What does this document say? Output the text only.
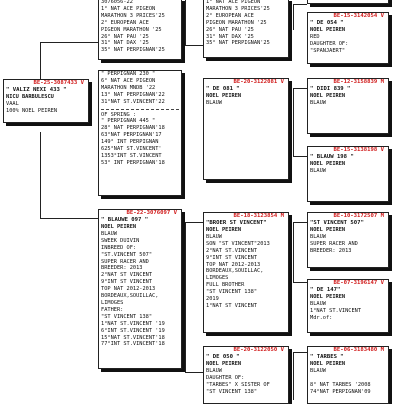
3076056-22
1° NAT ACE PIGEON
MARATHON 3 PRICES'25
2° EUROPEAN ACE
PIGEON MARATHON '25
26° NAT PAU '25
31° NAT DAX '25
35° NAT PERPIGNAN'25
" PERPIGNAN 230 "
6° NAT ACE PIGEON
MARATHON MNDB '22
13° NAT PERPIGNAN'22
31°NAT ST.VINCENT'22
OF SPRING :
" PERPIGNAN 445 "
28° NAT PERPIGNAN'18
63°NAT PERPIGNAN'17
149° INT PERPIGNAN
625°NAT ST.VINCENT'
1353°INT ST.VINCENT
53° INT PERPIGNAN'18
BE-25-3087433 V
" VALIZ NEXI 433 "
NICU BARBULESCU
VAAL
100% NOEL PEIREN
BE-22-3076097 V
" BLAUWE 097 "
NOEL PEIREN
BLAUW
SWEEK DUIVIN
INBREED OF:
"ST.VINCENT 507"
SUPER RACER AND
BREEDER: 2013
2°NAT ST VINCENT
9°INT ST VINCENT
TOP NAT 2012-2013
BORDEAUX,SOUILLAC,
LIMOGES
FATHER:
"ST VINCENT 138"
1°NAT ST.VINCENT '19
6°INT ST.VINCENT '19
15°NAT ST.VINCENT'18
77°INT ST.VINCENT'18
1° NAT ACE PIGEON
MARATHON 3 PRICES'25
2° EUROPEAN ACE
PIGEON MARATHON '25
26° NAT PAU '25
31° NAT DAX '25
35° NAT PERPIGNAN'25
BE-20-3122081 V
" DE 081 "
NOEL PEIREN
BLAUW
BE-18-3123854 M
"BROER ST VINCENT"
NOEL PEIREN
BLAUW
SON "ST VINCENT"2013
2°NAT ST.VINCENT
9°INT ST VINCENT
TOP NAT 2012-2013
BORDEAUX,SOUILLAC,
LIMOGES
FULL BROTHER
"ST VINCENT 138"
2019
1°NAT ST VINCENT
BE-20-3122050 V
" DE 050 "
NOEL PEIREN
BLAUW
DAUGHTER OF:
"TARBES" X SISTER OF
"ST VINCENT 138"
BE-15-3142054 V
" DE 054 "
NOEL PEIREN
RED
DAUGHTER OF:
"SPANJAERT"
BE-12-3158839 M
" DIDI 839 "
NOEL PEIREN
BLAUW
BE-15-3138198 V
" BLAUW 198 "
NOEL PEIREN
BLAUW
BE-10-3172507 M
"ST VINCENT 507"
NOEL PEIREN
BLAUW
SUPER RACER AND
BREEDER: 2013
BE-07-3196147 V
" DE 147"
NOEL PEIREN
BLAUW
1°NAT ST.VINCENT
Mdr.of:
BE-06-3183480 M
" TARBES "
NOEL PEIREN
BLAUW

8° NAT TARBES '2008
74°NAT PERPIGNAN'09
